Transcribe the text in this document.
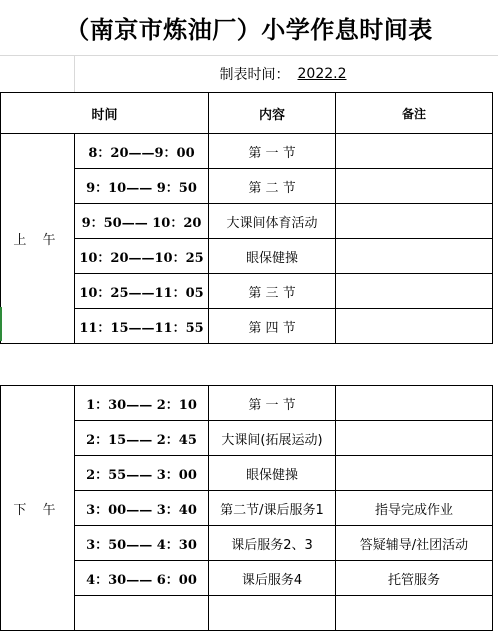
（南京市炼油厂）小学作息时间表
制表时间： 2022.2
时间		内容	备注
上 午	8：20——9：00	第 一 节	
	9：10—— 9：50	第 二 节	
	9：50—— 10：20	大课间体育活动	
	10：20——10：25	眼保健操	
	10：25——11：05	第 三 节	
	11：15——11：55	第 四 节	

下 午	1：30—— 2：10	第 一 节	
	2：15—— 2：45	大课间(拓展运动)	
	2：55—— 3：00	眼保健操	
	3：00—— 3：40	第二节/课后服务1	指导完成作业
	3：50—— 4：30	课后服务2、3	答疑辅导/社团活动
	4：30—— 6：00	课后服务4	托管服务
